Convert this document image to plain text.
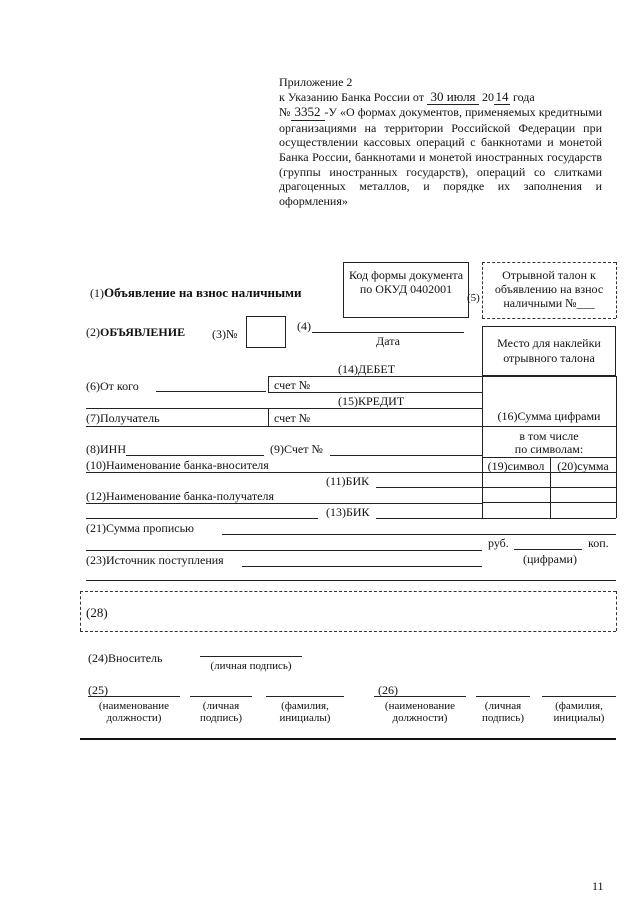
Приложение 2

к Указанию Банка России от 30 июля 20 14 года

№ 3352 -У «О формах документов, применяемых кредитными организациями на территории Российской Федерации при осуществлении кассовых операций с банкнотами и монетой Банка России, банкнотами и монетой иностранных государств (группы иностранных государств), операций со слитками драгоценных металлов, и порядке их заполнения и оформления»

(1)Объявление на взнос наличными
Код формы документа по ОКУД 0402001
(5)
Отрывной талон к объявлению на взнос наличными №___
(2)ОБЪЯВЛЕНИЕ (3)№
(4)
Дата	Место для наклейки отрывного талона
(14)ДЕБЕТ
(6)От кого	счет №
(15)КРЕДИТ
(7)Получатель	счет №	(16)Сумма цифрами
в том числе
по символам:
(19)символ	(20)сумма
(8)ИНН	(9)Счет №
(10)Наименование банка-вносителя
(11)БИК
(12)Наименование банка-получателя
(13)БИК
(21)Сумма прописью
руб.	коп.
(23)Источник поступления	(цифрами)
(28)
(24)Вноситель
(личная подпись)
(25)
(наименование должности)
(личная подпись)
(фамилия, инициалы)
(26)
(наименование должности)
(личная подпись)
(фамилия, инициалы)
11
